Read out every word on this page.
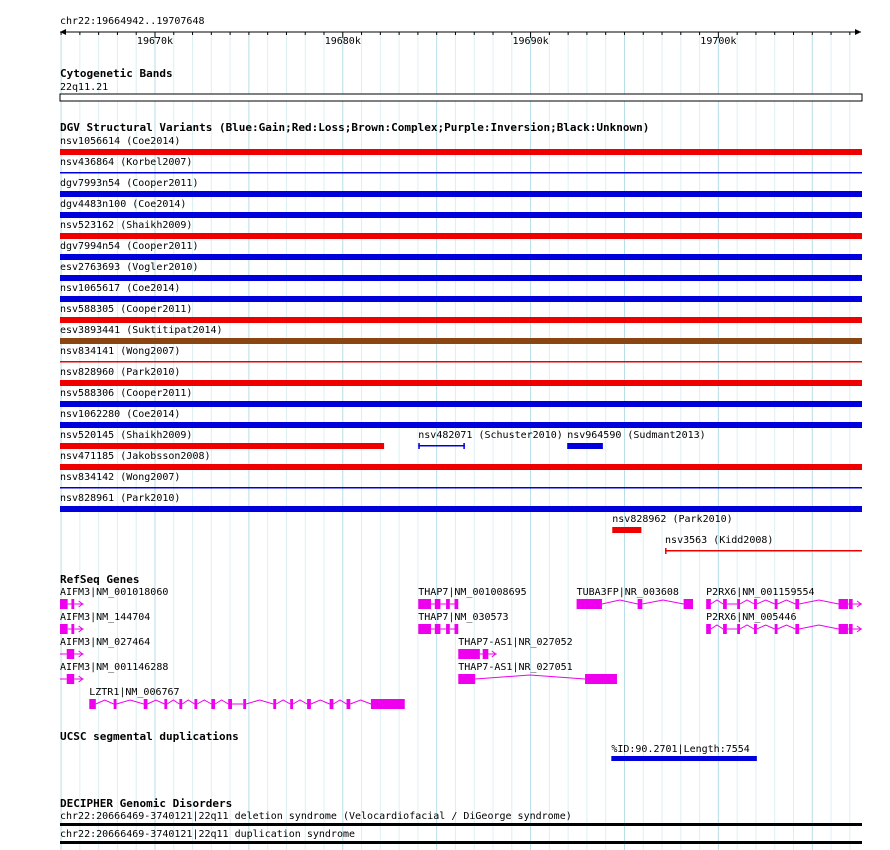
chr22:19664942..19707648
19670k	19680k	19690k	19700k
Cytogenetic Bands
22q11.21
DGV Structural Variants (Blue:Gain;Red:Loss;Brown:Complex;Purple:Inversion;Black:Unknown)
nsv1056614 (Coe2014)
nsv436864 (Korbel2007)
dgv7993n54 (Cooper2011)
dgv4483n100 (Coe2014)
nsv523162 (Shaikh2009)
dgv7994n54 (Cooper2011)
esv2763693 (Vogler2010)
nsv1065617 (Coe2014)
nsv588305 (Cooper2011)
esv3893441 (Suktitipat2014)
nsv834141 (Wong2007)
nsv828960 (Park2010)
nsv588306 (Cooper2011)
nsv1062280 (Coe2014)
nsv520145 (Shaikh2009)	nsv482071 (Schuster2010) nsv964590 (Sudmant2013)
nsv471185 (Jakobsson2008)
nsv834142 (Wong2007)
nsv828961 (Park2010)
nsv828962 (Park2010)
nsv3563 (Kidd2008)
RefSeq Genes
AIFM3|NM_001018060
AIFM3|NM_144704
AIFM3|NM_027464
AIFM3|NM_001146288
LZTR1|NM_006767
THAP7|NM_001008695
THAP7|NM_030573
THAP7-AS1|NR_027052
THAP7-AS1|NR_027051
TUBA3FP|NR_003608	P2RX6|NM_001159554
P2RX6|NM_005446
UCSC segmental duplications
%ID:90.2701|Length:7554
DECIPHER Genomic Disorders
chr22:20666469-3740121|22q11 deletion syndrome (Velocardiofacial / DiGeorge syndrome)
chr22:20666469-3740121|22q11 duplication syndrome
